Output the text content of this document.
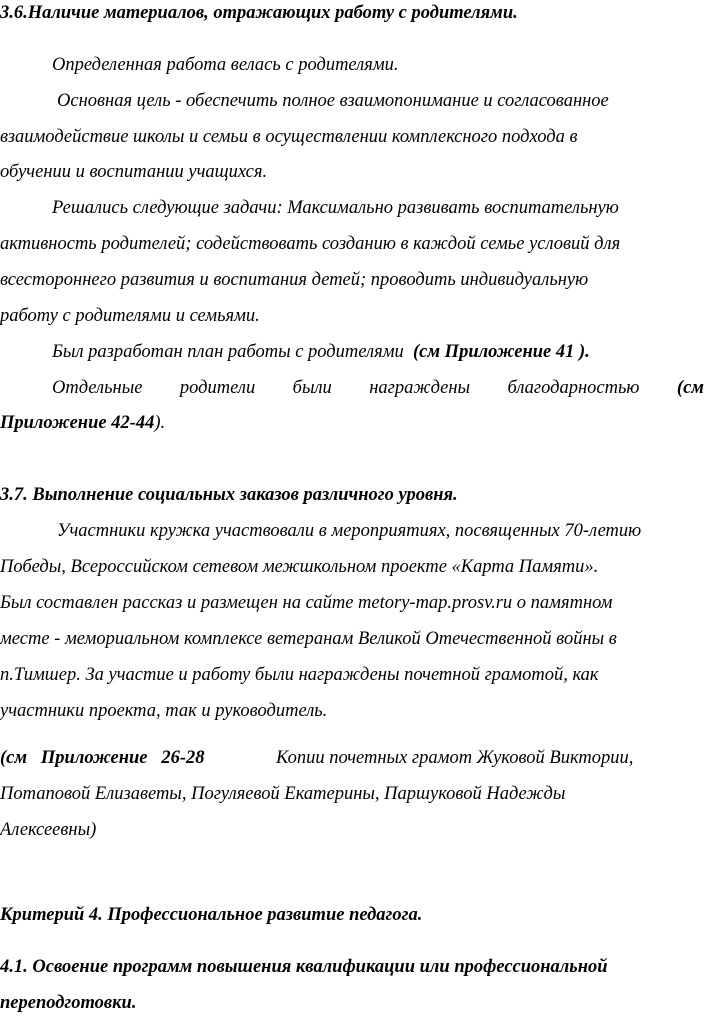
3.6.Наличие материалов, отражающих работу с родителями.
Определенная работа велась с родителями.
Основная цель - обеспечить полное взаимопонимание и согласованное
взаимодействие школы и семьи в осуществлении комплексного подхода в
обучении и воспитании учащихся.
Решались следующие задачи: Максимально развивать воспитательную
активность родителей; содействовать созданию в каждой семье условий для
всестороннего развития и воспитания детей; проводить индивидуальную
работу с родителями и семьями.
Был разработан план работы с родителями (см Приложение 41 ).
Отдельные родители были награждены благодарностью (см
Приложение 42-44).
3.7. Выполнение социальных заказов различного уровня.
Участники кружка участвовали в мероприятиях, посвященных 70-летию
Победы, Всероссийском сетевом межшкольном проекте «Карта Памяти».
Был составлен рассказ и размещен на сайте metory-map.prosv.ru о памятном
месте - мемориальном комплексе ветеранам Великой Отечественной войны в
п.Тимшер. За участие и работу были награждены почетной грамотой, как
участники проекта, так и руководитель.
(см   Приложение   26-28	Копии почетных грамот Жуковой Виктории,
Потаповой Елизаветы, Погуляевой Екатерины, Паршуковой Надежды
Алексеевны)
Критерий 4. Профессиональное развитие педагога.
4.1. Освоение программ повышения квалификации или профессиональной
переподготовки.
